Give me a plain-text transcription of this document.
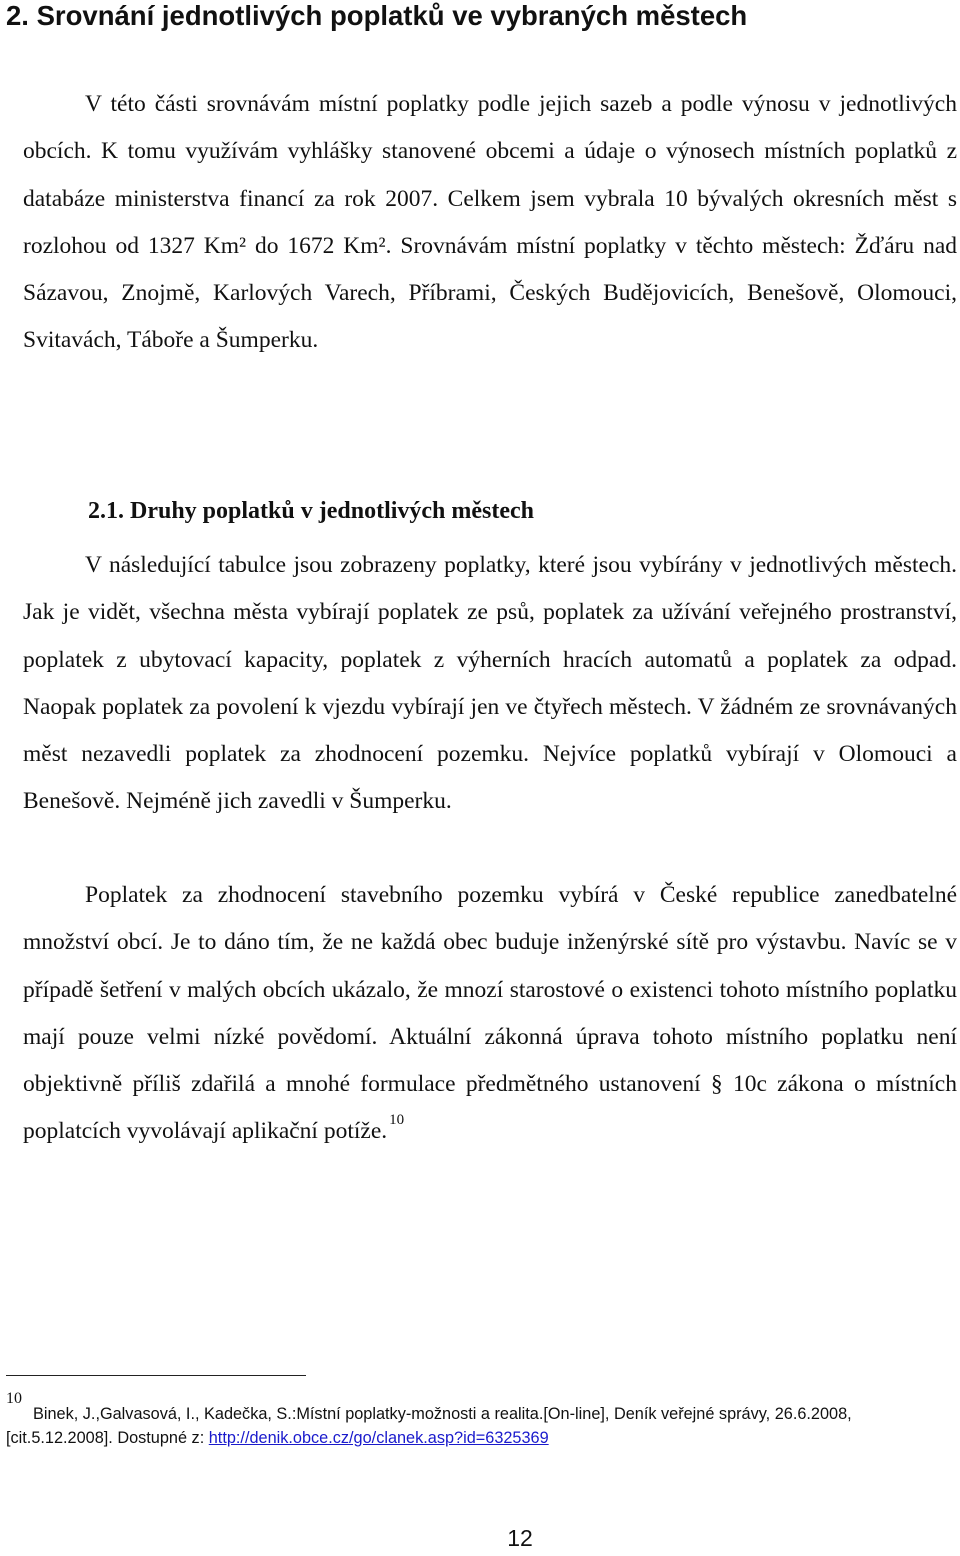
2. Srovnání jednotlivých poplatků ve vybraných městech

V této části srovnávám místní poplatky podle jejich sazeb a podle výnosu v jednotlivých obcích. K tomu využívám vyhlášky stanovené obcemi a údaje o výnosech místních poplatků z databáze ministerstva financí za rok 2007. Celkem jsem vybrala 10 bývalých okresních měst s rozlohou od 1327 Km² do 1672 Km². Srovnávám místní poplatky v těchto městech: Žďáru nad Sázavou, Znojmě, Karlových Varech, Příbrami, Českých Budějovicích, Benešově, Olomouci, Svitavách, Táboře a Šumperku.

2.1. Druhy poplatků v jednotlivých městech

V následující tabulce jsou zobrazeny poplatky, které jsou vybírány v jednotlivých městech. Jak je vidět, všechna města vybírají poplatek ze psů, poplatek za užívání veřejného prostranství, poplatek z ubytovací kapacity, poplatek z výherních hracích automatů a poplatek za odpad. Naopak poplatek za povolení k vjezdu vybírají jen ve čtyřech městech. V žádném ze srovnávaných měst nezavedli poplatek za zhodnocení pozemku. Nejvíce poplatků vybírají v Olomouci a Benešově. Nejméně jich zavedli v Šumperku.

Poplatek za zhodnocení stavebního pozemku vybírá v České republice zanedbatelné množství obcí. Je to dáno tím, že ne každá obec buduje inženýrské sítě pro výstavbu. Navíc se v případě šetření v malých obcích ukázalo, že mnozí starostové o existenci tohoto místního poplatku mají pouze velmi nízké povědomí. Aktuální zákonná úprava tohoto místního poplatku není objektivně příliš zdařilá a mnohé formulace předmětného ustanovení § 10c zákona o místních poplatcích vyvolávají aplikační potíže. $^{10}$

10

Binek, J.,Galvasová, I., Kadečka, S.:Místní poplatky-možnosti a realita.[On-line], Deník veřejné správy, 26.6.2008, [cit.5.12.2008]. Dostupné z: http://denik.obce.cz/go/clanek.asp?id=6325369

12
